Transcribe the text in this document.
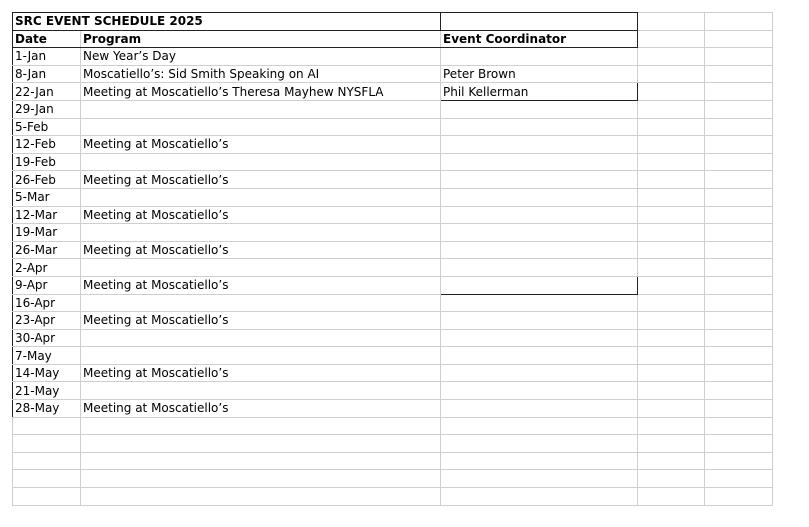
SRC EVENT SCHEDULE 2025				
Date	Program	Event Coordinator		
1-Jan	New Year’s Day			
8-Jan	Moscatiello’s: Sid Smith Speaking on AI	Peter Brown		
22-Jan	Meeting at Moscatiello’s Theresa Mayhew NYSFLA	Phil Kellerman		
29-Jan				
5-Feb				
12-Feb	Meeting at Moscatiello’s			
19-Feb				
26-Feb	Meeting at Moscatiello’s			
5-Mar				
12-Mar	Meeting at Moscatiello’s			
19-Mar				
26-Mar	Meeting at Moscatiello’s			
2-Apr				
9-Apr	Meeting at Moscatiello’s			
16-Apr				
23-Apr	Meeting at Moscatiello’s			
30-Apr				
7-May				
14-May	Meeting at Moscatiello’s			
21-May				
28-May	Meeting at Moscatiello’s			
